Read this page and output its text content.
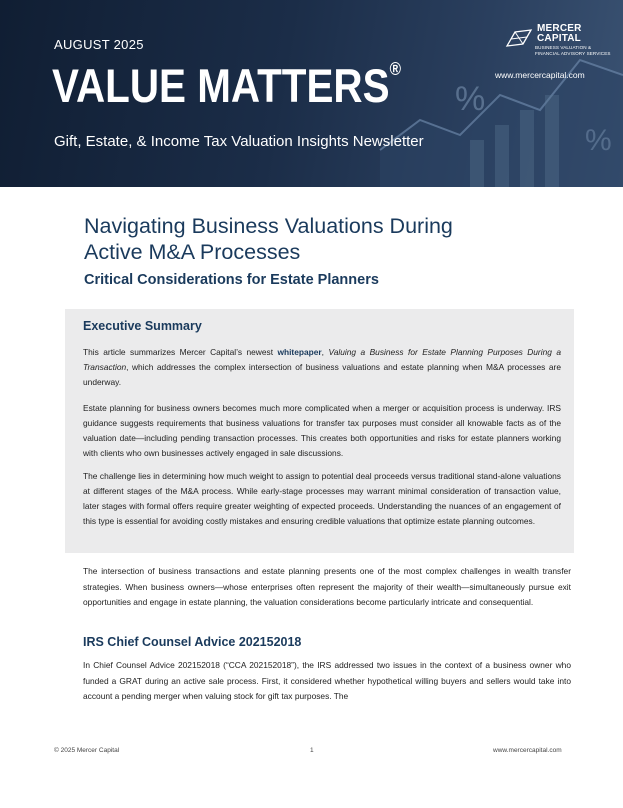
%
%
AUGUST 2025
VALUE MATTERS®
Gift, Estate, & Income Tax Valuation Insights Newsletter
MERCER
CAPITAL
BUSINESS VALUATION &
FINANCIAL ADVISORY SERVICES
www.mercercapital.com
Navigating Business Valuations During
Active M&A Processes
Critical Considerations for Estate Planners
Executive Summary

This article summarizes Mercer Capital’s newest whitepaper, Valuing a Business for Estate Planning Purposes During a Transaction, which addresses the complex intersection of business valuations and estate planning when M&A processes are underway.

Estate planning for business owners becomes much more complicated when a merger or acquisition process is underway. IRS guidance suggests requirements that business valuations for transfer tax purposes must consider all knowable facts as of the valuation date—including pending transaction processes. This creates both opportunities and risks for estate planners working with clients who own businesses actively engaged in sale discussions.

The challenge lies in determining how much weight to assign to potential deal proceeds versus traditional stand-alone valuations at different stages of the M&A process. While early-stage processes may warrant minimal consideration of transaction value, later stages with formal offers require greater weighting of expected proceeds. Understanding the nuances of an engagement of this type is essential for avoiding costly mistakes and ensuring credible valuations that optimize estate planning outcomes.

The intersection of business transactions and estate planning presents one of the most complex challenges in wealth transfer strategies. When business owners—whose enterprises often represent the majority of their wealth—simultaneously pursue exit opportunities and engage in estate planning, the valuation considerations become particularly intricate and consequential.

IRS Chief Counsel Advice 202152018

In Chief Counsel Advice 202152018 (“CCA 202152018”), the IRS addressed two issues in the context of a business owner who funded a GRAT during an active sale process. First, it considered whether hypothetical willing buyers and sellers would take into account a pending merger when valuing stock for gift tax purposes. The

© 2025 Mercer Capital	1	www.mercercapital.com
